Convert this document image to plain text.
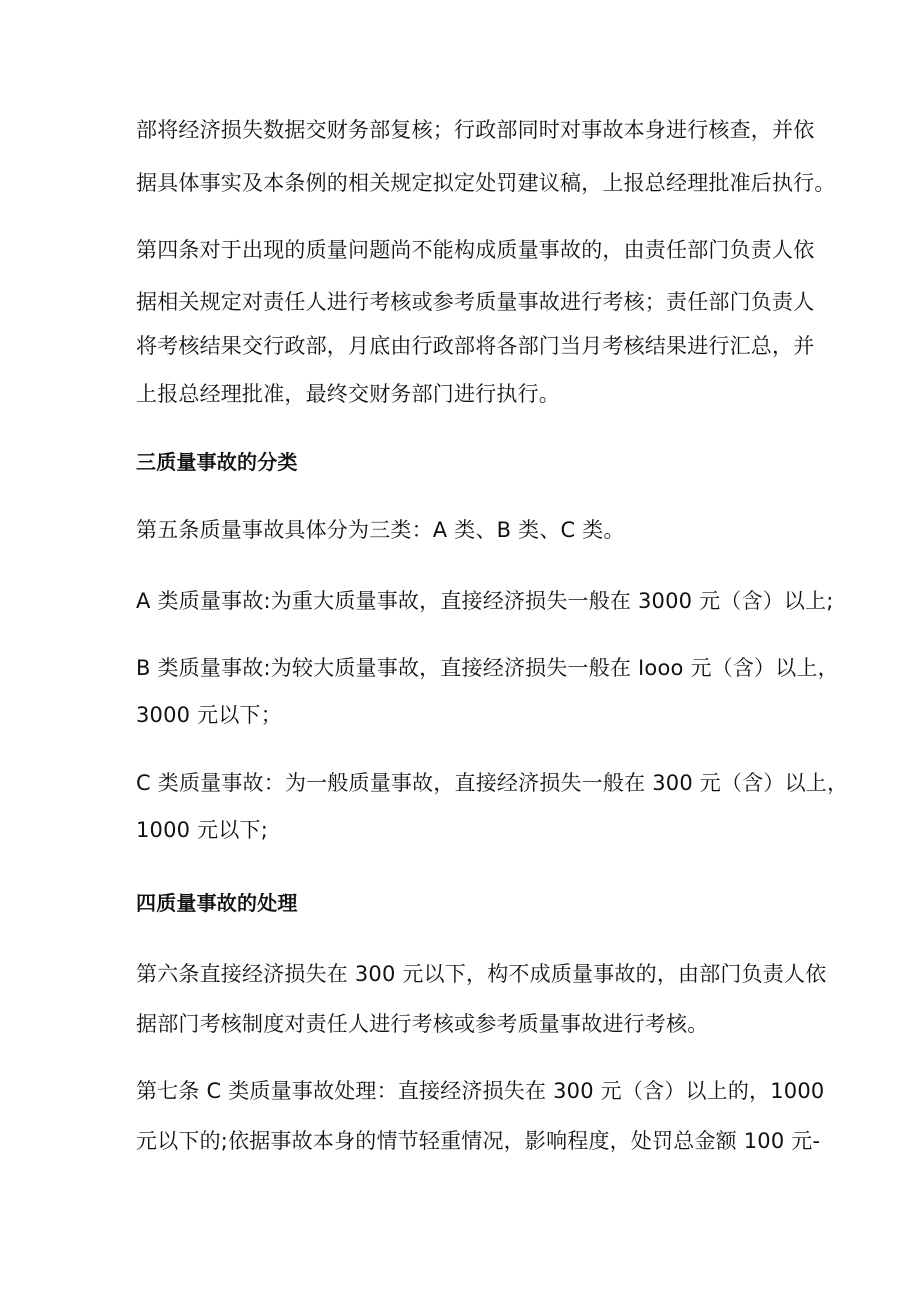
部将经济损失数据交财务部复核；行政部同时对事故本身进行核查，并依
据具体事实及本条例的相关规定拟定处罚建议稿，上报总经理批准后执行。
第四条对于出现的质量问题尚不能构成质量事故的，由责任部门负责人依
据相关规定对责任人进行考核或参考质量事故进行考核；责任部门负责人
将考核结果交行政部，月底由行政部将各部门当月考核结果进行汇总，并
上报总经理批准，最终交财务部门进行执行。
三质量事故的分类
第五条质量事故具体分为三类：A 类、B 类、C 类。
A 类质量事故:为重大质量事故，直接经济损失一般在 3000 元（含）以上;
B 类质量事故:为较大质量事故，直接经济损失一般在 Iooo 元（含）以上，
3000 元以下；
C 类质量事故：为一般质量事故，直接经济损失一般在 300 元（含）以上，
1000 元以下;
四质量事故的处理
第六条直接经济损失在 300 元以下，构不成质量事故的，由部门负责人依
据部门考核制度对责任人进行考核或参考质量事故进行考核。
第七条 C 类质量事故处理：直接经济损失在 300 元（含）以上的，1000
元以下的;依据事故本身的情节轻重情况，影响程度，处罚总金额 100 元-
